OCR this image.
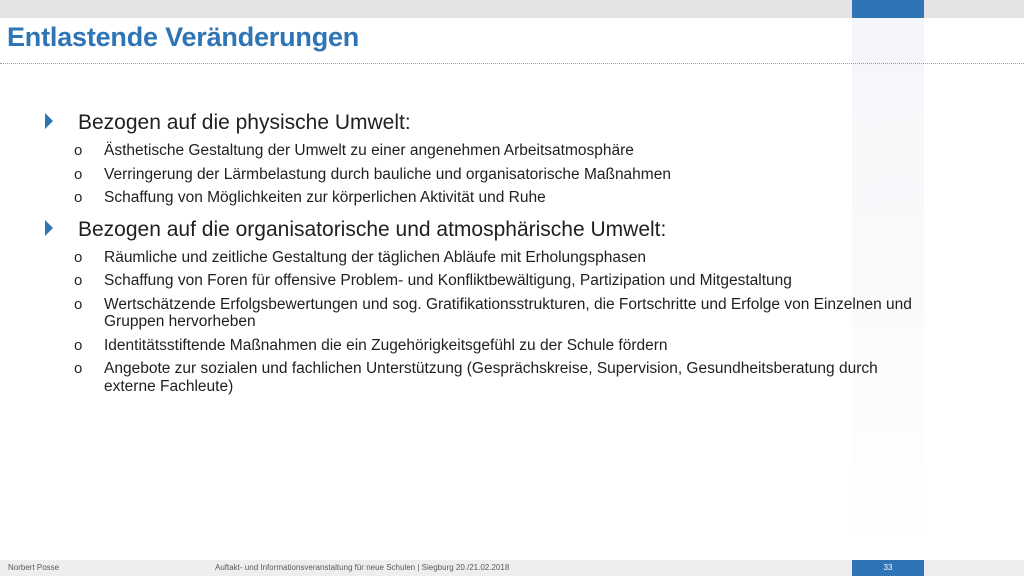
Entlastende Veränderungen
Bezogen auf die physische Umwelt:
o Ästhetische Gestaltung der Umwelt zu einer angenehmen Arbeitsatmosphäre
o Verringerung der Lärmbelastung durch bauliche und organisatorische Maßnahmen
o Schaffung von Möglichkeiten zur körperlichen Aktivität und Ruhe
Bezogen auf die organisatorische und atmosphärische Umwelt:
o Räumliche und zeitliche Gestaltung der täglichen Abläufe mit Erholungsphasen
o Schaffung von Foren für offensive Problem- und Konfliktbewältigung, Partizipation und Mitgestaltung
o Wertschätzende Erfolgsbewertungen und sog. Gratifikationsstrukturen, die Fortschritte und Erfolge von Einzelnen und Gruppen hervorheben
o Identitätsstiftende Maßnahmen die ein Zugehörigkeitsgefühl zu der Schule fördern
o Angebote zur sozialen und fachlichen Unterstützung (Gesprächskreise, Supervision, Gesundheitsberatung durch externe Fachleute)
Norbert Posse	Auftakt- und Informationsveranstaltung für neue Schulen | Siegburg 20./21.02.2018	33
